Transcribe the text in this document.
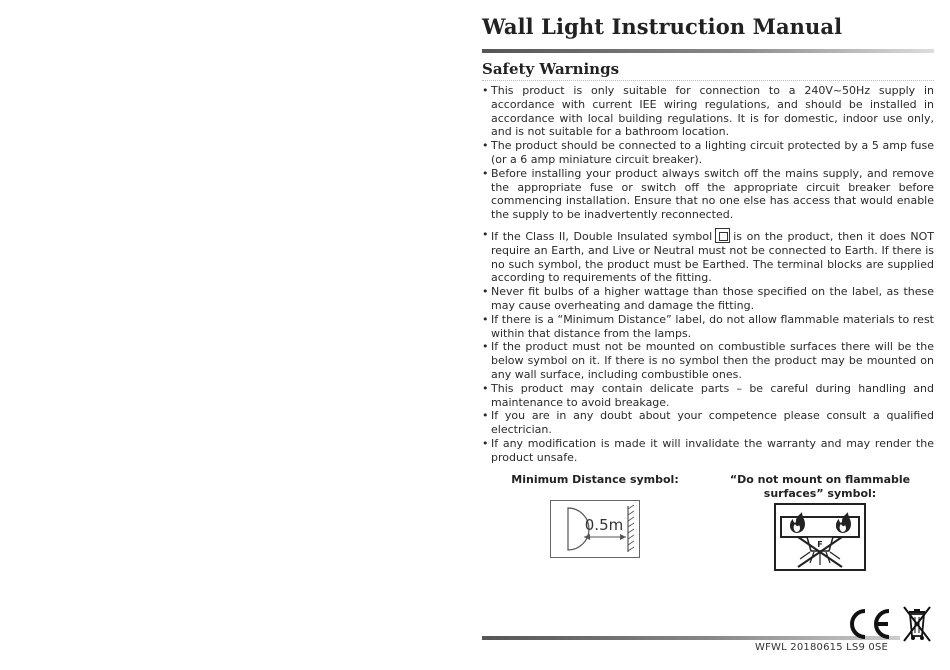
Wall Light Instruction Manual
Safety Warnings
• This product is only suitable for connection to a 240V~50Hz supply in accordance with current IEE wiring regulations, and should be installed in accordance with local building regulations. It is for domestic, indoor use only, and is not suitable for a bathroom location.
• The product should be connected to a lighting circuit protected by a 5 amp fuse (or a 6 amp miniature circuit breaker).
• Before installing your product always switch off the mains supply, and remove the appropriate fuse or switch off the appropriate circuit breaker before commencing installation. Ensure that no one else has access that would enable the supply to be inadvertently reconnected.
• If the Class II, Double Insulated symbol is on the product, then it does NOT require an Earth, and Live or Neutral must not be connected to Earth. If there is no such symbol, the product must be Earthed. The terminal blocks are supplied according to requirements of the fitting.
• Never fit bulbs of a higher wattage than those specified on the label, as these may cause overheating and damage the fitting.
• If there is a “Minimum Distance” label, do not allow flammable materials to rest within that distance from the lamps.
• If the product must not be mounted on combustible surfaces there will be the below symbol on it. If there is no symbol then the product may be mounted on any wall surface, including combustible ones.
• This product may contain delicate parts – be careful during handling and maintenance to avoid breakage.
• If you are in any doubt about your competence please consult a qualified electrician.
• If any modification is made it will invalidate the warranty and may render the product unsafe.
Minimum Distance symbol:	“Do not mount on flammable surfaces” symbol:
0.5m
F
WFWL 20180615 LS9 0SE
